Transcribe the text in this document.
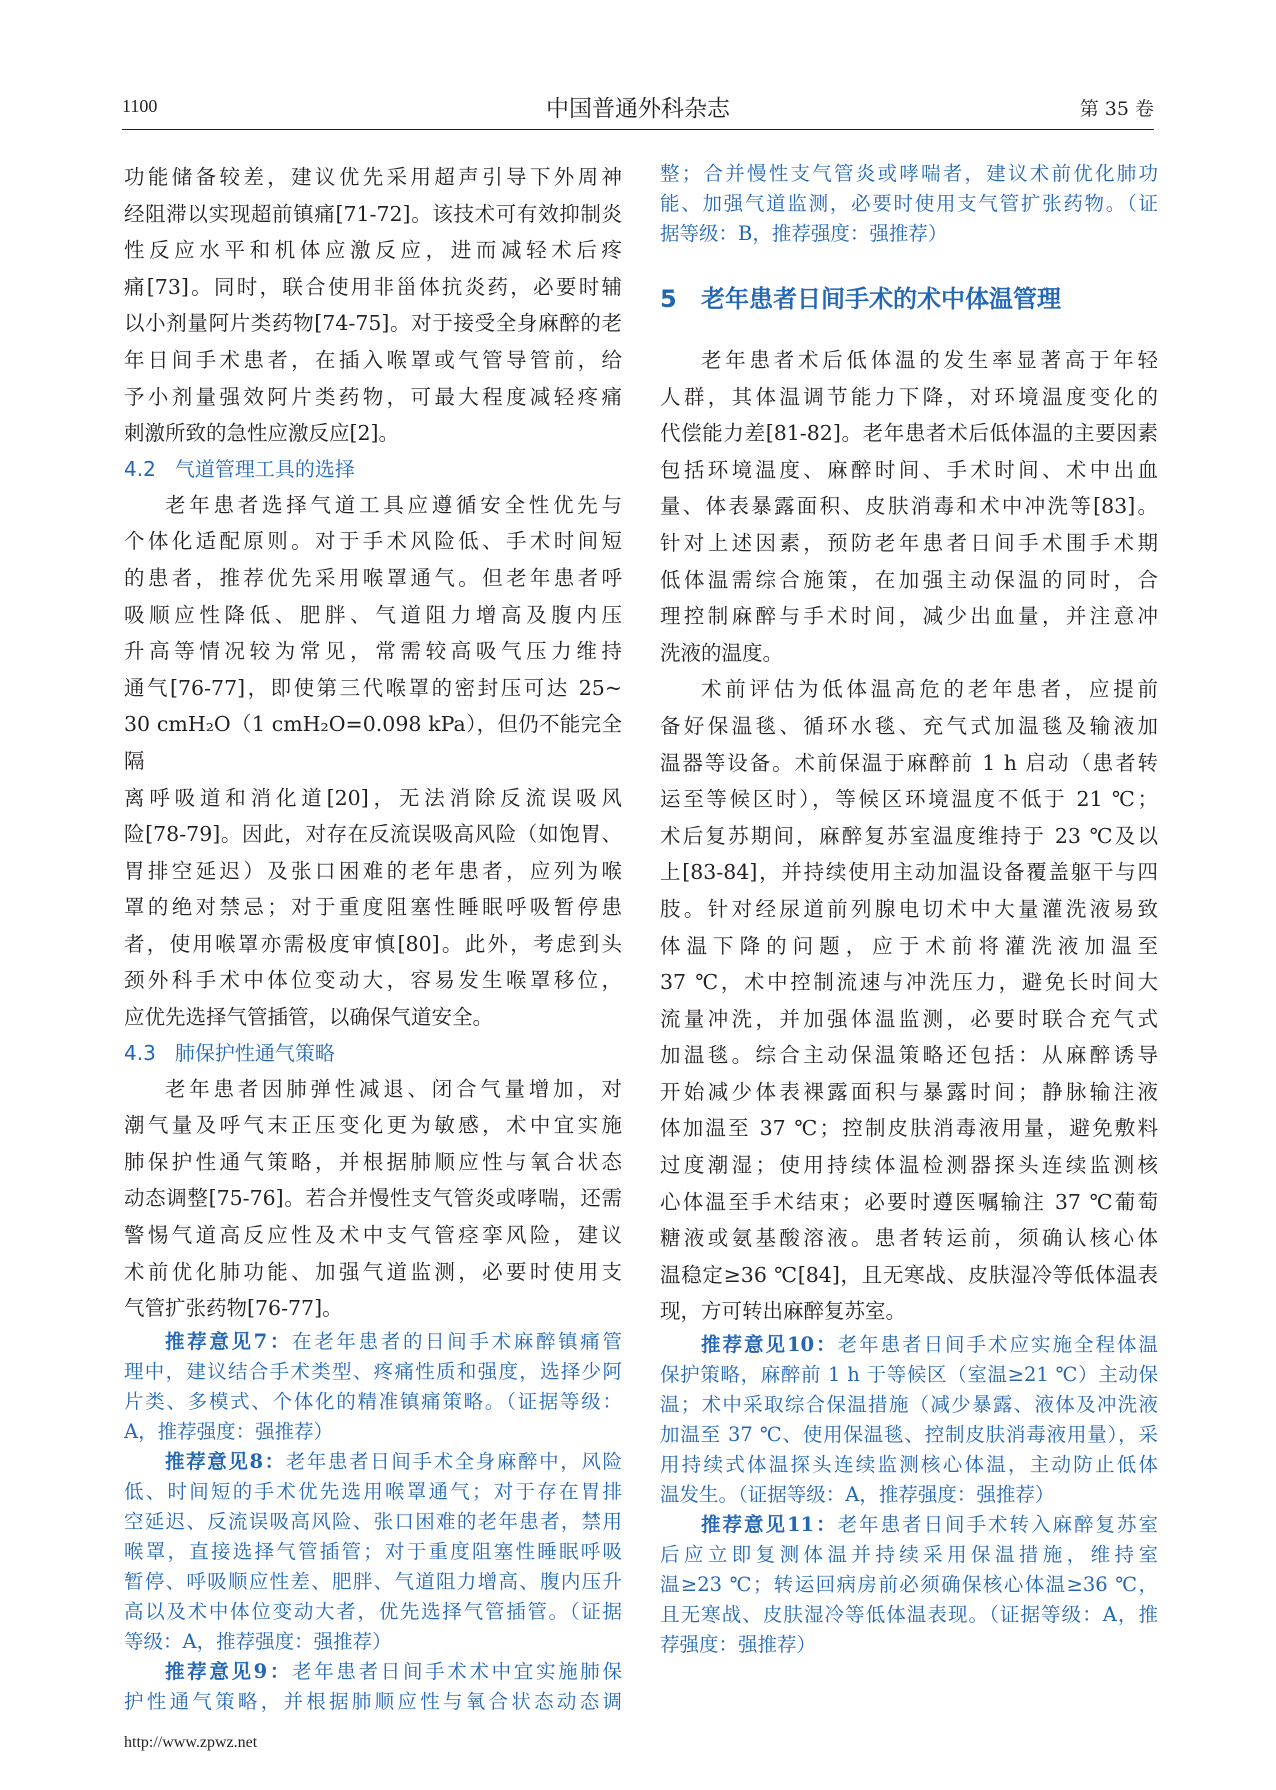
1100	中国普通外科杂志	第 35 卷

功能储备较差，建议优先采用超声引导下外周神

经阻滞以实现超前镇痛[71-72]。该技术可有效抑制炎

性反应水平和机体应激反应，进而减轻术后疼

痛[73]。同时，联合使用非甾体抗炎药，必要时辅

以小剂量阿片类药物[74-75]。对于接受全身麻醉的老

年日间手术患者，在插入喉罩或气管导管前，给

予小剂量强效阿片类药物，可最大程度减轻疼痛

刺激所致的急性应激反应[2]。

4.2   气道管理工具的选择

老年患者选择气道工具应遵循安全性优先与

个体化适配原则。对于手术风险低、手术时间短

的患者，推荐优先采用喉罩通气。但老年患者呼

吸顺应性降低、肥胖、气道阻力增高及腹内压

升高等情况较为常见，常需较高吸气压力维持

通气[76-77]，即使第三代喉罩的密封压可达 25~

30 cmH₂O（1 cmH₂O=0.098 kPa），但仍不能完全隔

离呼吸道和消化道[20]，无法消除反流误吸风

险[78-79]。因此，对存在反流误吸高风险（如饱胃、

胃排空延迟）及张口困难的老年患者，应列为喉

罩的绝对禁忌；对于重度阻塞性睡眠呼吸暂停患

者，使用喉罩亦需极度审慎[80]。此外，考虑到头

颈外科手术中体位变动大，容易发生喉罩移位，

应优先选择气管插管，以确保气道安全。

4.3   肺保护性通气策略

老年患者因肺弹性减退、闭合气量增加，对

潮气量及呼气末正压变化更为敏感，术中宜实施

肺保护性通气策略，并根据肺顺应性与氧合状态

动态调整[75-76]。若合并慢性支气管炎或哮喘，还需

警惕气道高反应性及术中支气管痉挛风险，建议

术前优化肺功能、加强气道监测，必要时使用支

气管扩张药物[76-77]。

推荐意见7：在老年患者的日间手术麻醉镇痛管

理中，建议结合手术类型、疼痛性质和强度，选择少阿

片类、多模式、个体化的精准镇痛策略。（证据等级：

A，推荐强度：强推荐）

推荐意见8：老年患者日间手术全身麻醉中，风险

低、时间短的手术优先选用喉罩通气；对于存在胃排

空延迟、反流误吸高风险、张口困难的老年患者，禁用

喉罩，直接选择气管插管；对于重度阻塞性睡眠呼吸

暂停、呼吸顺应性差、肥胖、气道阻力增高、腹内压升

高以及术中体位变动大者，优先选择气管插管。（证据

等级：A，推荐强度：强推荐）

推荐意见9：老年患者日间手术术中宜实施肺保

护性通气策略，并根据肺顺应性与氧合状态动态调

整；合并慢性支气管炎或哮喘者，建议术前优化肺功

能、加强气道监测，必要时使用支气管扩张药物。（证

据等级：B，推荐强度：强推荐）

5 老年患者日间手术的术中体温管理

老年患者术后低体温的发生率显著高于年轻

人群，其体温调节能力下降，对环境温度变化的

代偿能力差[81-82]。老年患者术后低体温的主要因素

包括环境温度、麻醉时间、手术时间、术中出血

量、体表暴露面积、皮肤消毒和术中冲洗等[83]。

针对上述因素，预防老年患者日间手术围手术期

低体温需综合施策，在加强主动保温的同时，合

理控制麻醉与手术时间，减少出血量，并注意冲

洗液的温度。

术前评估为低体温高危的老年患者，应提前

备好保温毯、循环水毯、充气式加温毯及输液加

温器等设备。术前保温于麻醉前 1 h 启动（患者转

运至等候区时），等候区环境温度不低于 21 ℃；

术后复苏期间，麻醉复苏室温度维持于 23 ℃及以

上[83-84]，并持续使用主动加温设备覆盖躯干与四

肢。针对经尿道前列腺电切术中大量灌洗液易致

体温下降的问题，应于术前将灌洗液加温至

37 ℃，术中控制流速与冲洗压力，避免长时间大

流量冲洗，并加强体温监测，必要时联合充气式

加温毯。综合主动保温策略还包括：从麻醉诱导

开始减少体表裸露面积与暴露时间；静脉输注液

体加温至 37 ℃；控制皮肤消毒液用量，避免敷料

过度潮湿；使用持续体温检测器探头连续监测核

心体温至手术结束；必要时遵医嘱输注 37 ℃葡萄

糖液或氨基酸溶液。患者转运前，须确认核心体

温稳定≥36 ℃[84]，且无寒战、皮肤湿冷等低体温表

现，方可转出麻醉复苏室。

推荐意见10：老年患者日间手术应实施全程体温

保护策略，麻醉前 1 h 于等候区（室温≥21 ℃）主动保

温；术中采取综合保温措施（减少暴露、液体及冲洗液

加温至 37 ℃、使用保温毯、控制皮肤消毒液用量），采

用持续式体温探头连续监测核心体温，主动防止低体

温发生。（证据等级：A，推荐强度：强推荐）

推荐意见11：老年患者日间手术转入麻醉复苏室

后应立即复测体温并持续采用保温措施，维持室

温≥23 ℃；转运回病房前必须确保核心体温≥36 ℃，

且无寒战、皮肤湿冷等低体温表现。（证据等级：A，推

荐强度：强推荐）

http://www.zpwz.net
